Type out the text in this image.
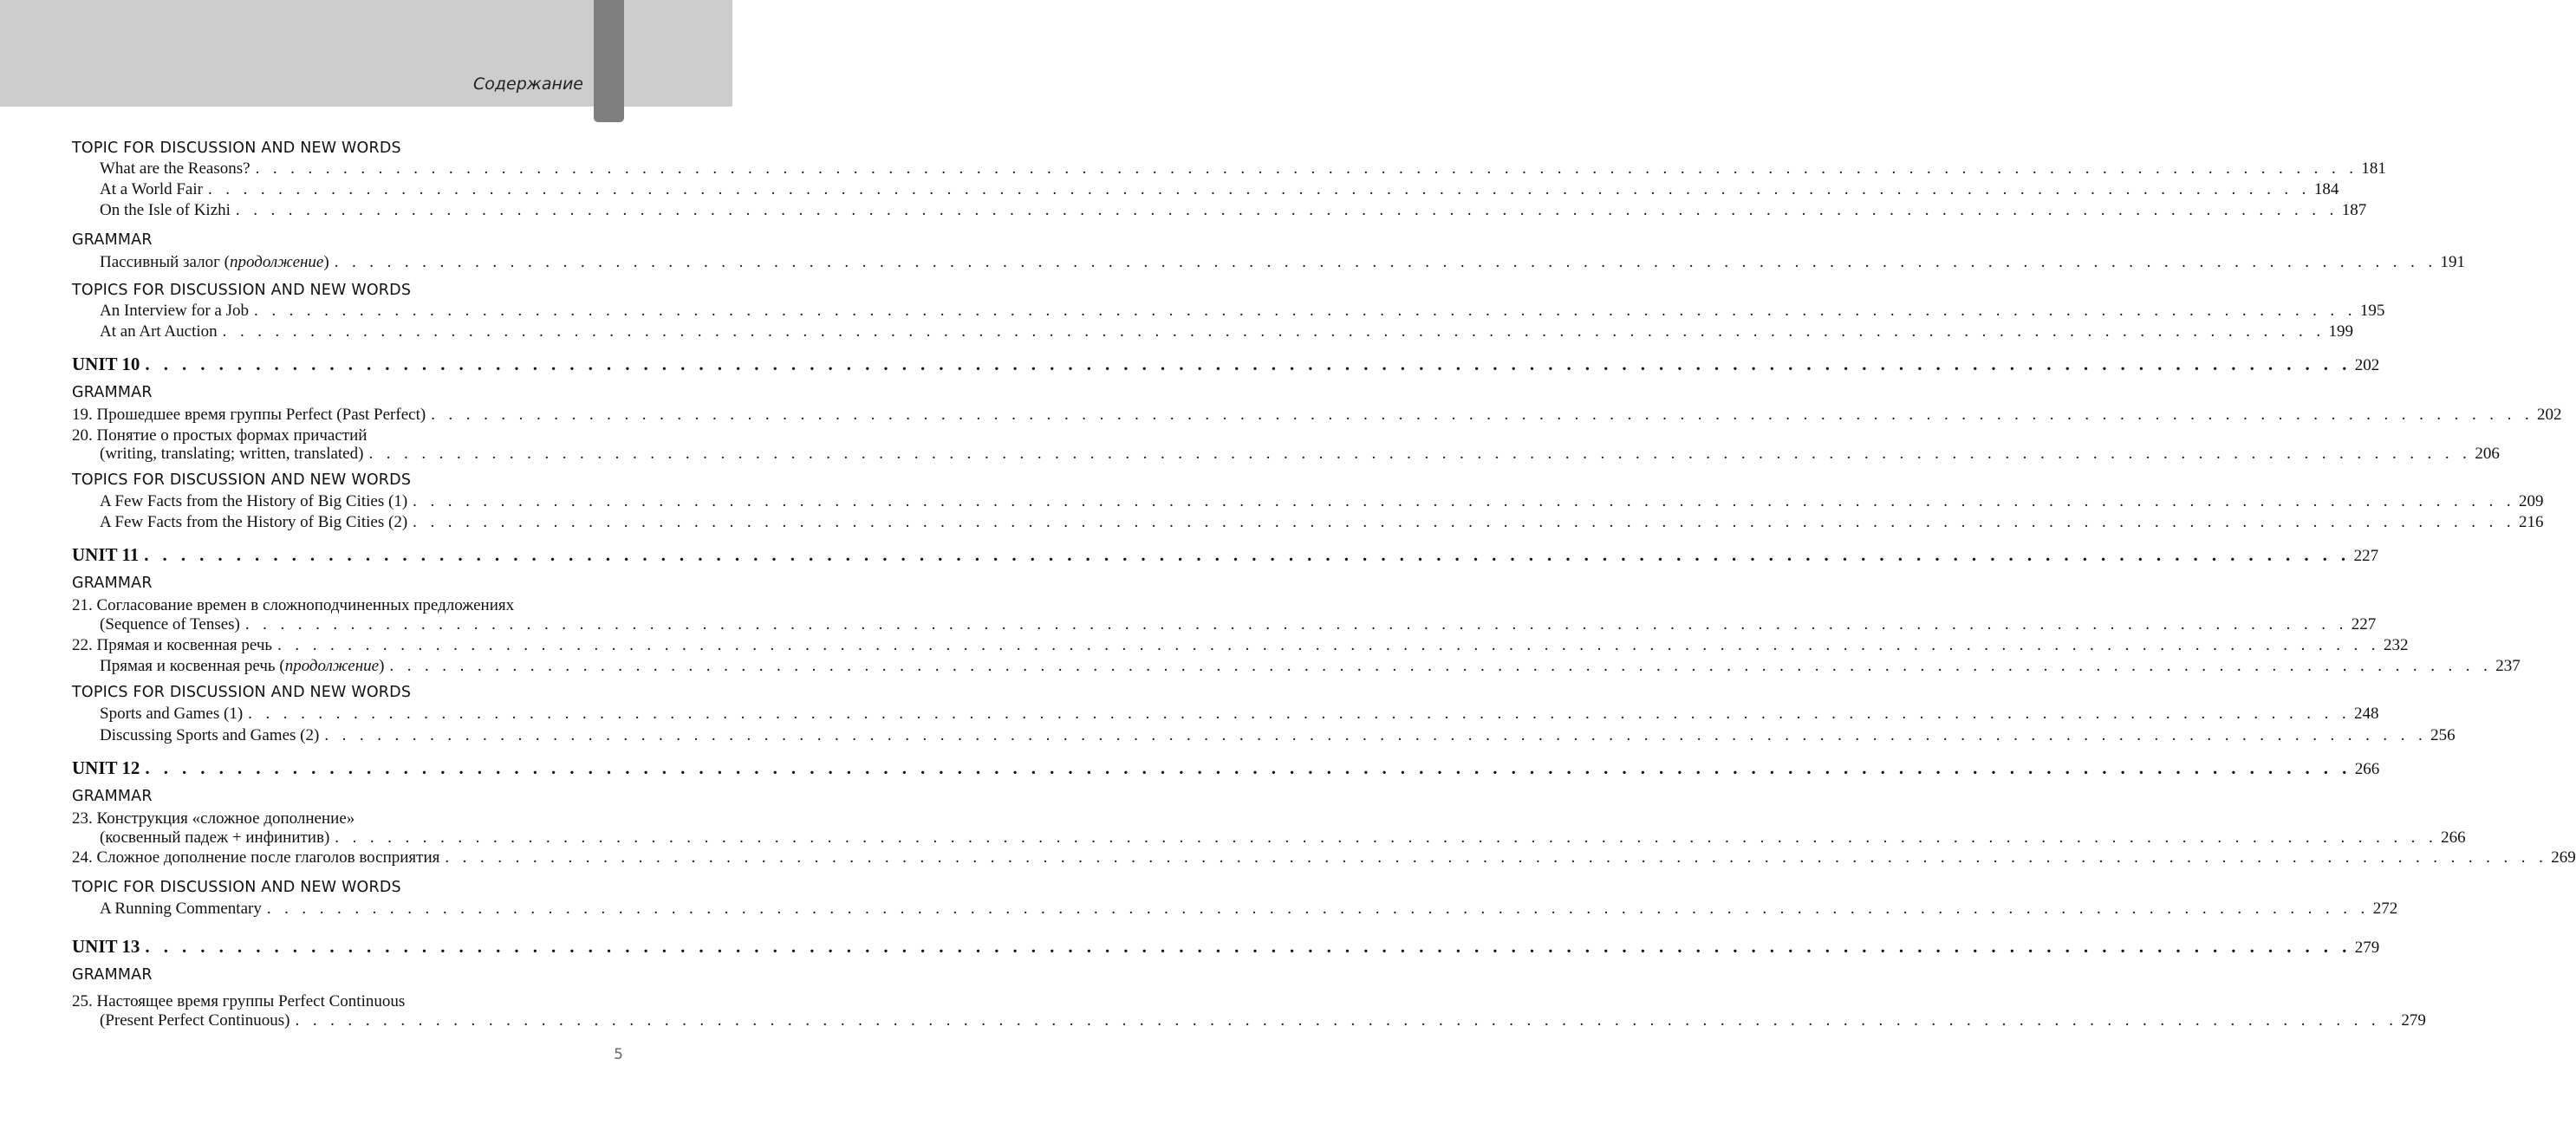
Содержание
TOPIC FOR DISCUSSION AND NEW WORDS
What are the Reasons? . . . . . . . . . . . . . . . . . . . . . . . . . . . . . . . . . . . . . . . . . . . . . . . . . . . . . . . . . . . . . . . . . . . . . . . . . . . . . . . . . . . . . . . . . . . . . . . . . . . . . . . . . . . . . . . . . . . . . . . . 181
At a World Fair . . . . . . . . . . . . . . . . . . . . . . . . . . . . . . . . . . . . . . . . . . . . . . . . . . . . . . . . . . . . . . . . . . . . . . . . . . . . . . . . . . . . . . . . . . . . . . . . . . . . . . . . . . . . . . . . . . . . . . . . 184
On the Isle of Kizhi . . . . . . . . . . . . . . . . . . . . . . . . . . . . . . . . . . . . . . . . . . . . . . . . . . . . . . . . . . . . . . . . . . . . . . . . . . . . . . . . . . . . . . . . . . . . . . . . . . . . . . . . . . . . . . . . . . . . . . . . 187
GRAMMAR
Пассивный залог (продолжение) . . . . . . . . . . . . . . . . . . . . . . . . . . . . . . . . . . . . . . . . . . . . . . . . . . . . . . . . . . . . . . . . . . . . . . . . . . . . . . . . . . . . . . . . . . . . . . . . . . . . . . . . . . . . . . . . . . . . . . . . 191
TOPICS FOR DISCUSSION AND NEW WORDS
An Interview for a Job . . . . . . . . . . . . . . . . . . . . . . . . . . . . . . . . . . . . . . . . . . . . . . . . . . . . . . . . . . . . . . . . . . . . . . . . . . . . . . . . . . . . . . . . . . . . . . . . . . . . . . . . . . . . . . . . . . . . . . . . 195
At an Art Auction . . . . . . . . . . . . . . . . . . . . . . . . . . . . . . . . . . . . . . . . . . . . . . . . . . . . . . . . . . . . . . . . . . . . . . . . . . . . . . . . . . . . . . . . . . . . . . . . . . . . . . . . . . . . . . . . . . . . . . . . 199
UNIT 10 . . . . . . . . . . . . . . . . . . . . . . . . . . . . . . . . . . . . . . . . . . . . . . . . . . . . . . . . . . . . . . . . . . . . . . . . . . . . . . . . . . . . . . . . . . . . . . . . . . . . . . . . . . . . . . . . . . . . . . . . 202
GRAMMAR
19. Прошедшее время группы Perfect (Past Perfect) . . . . . . . . . . . . . . . . . . . . . . . . . . . . . . . . . . . . . . . . . . . . . . . . . . . . . . . . . . . . . . . . . . . . . . . . . . . . . . . . . . . . . . . . . . . . . . . . . . . . . . . . . . . . . . . . . . . . . . . . 202
20. Понятие о простых формах причастий
(writing, translating; written, translated) . . . . . . . . . . . . . . . . . . . . . . . . . . . . . . . . . . . . . . . . . . . . . . . . . . . . . . . . . . . . . . . . . . . . . . . . . . . . . . . . . . . . . . . . . . . . . . . . . . . . . . . . . . . . . . . . . . . . . . . . 206
TOPICS FOR DISCUSSION AND NEW WORDS
A Few Facts from the History of Big Cities (1) . . . . . . . . . . . . . . . . . . . . . . . . . . . . . . . . . . . . . . . . . . . . . . . . . . . . . . . . . . . . . . . . . . . . . . . . . . . . . . . . . . . . . . . . . . . . . . . . . . . . . . . . . . . . . . . . . . . . . . . . 209
A Few Facts from the History of Big Cities (2) . . . . . . . . . . . . . . . . . . . . . . . . . . . . . . . . . . . . . . . . . . . . . . . . . . . . . . . . . . . . . . . . . . . . . . . . . . . . . . . . . . . . . . . . . . . . . . . . . . . . . . . . . . . . . . . . . . . . . . . . 216
UNIT 11 . . . . . . . . . . . . . . . . . . . . . . . . . . . . . . . . . . . . . . . . . . . . . . . . . . . . . . . . . . . . . . . . . . . . . . . . . . . . . . . . . . . . . . . . . . . . . . . . . . . . . . . . . . . . . . . . . . . . . . . . 227
GRAMMAR
21. Согласование времен в сложноподчиненных предложениях
(Sequence of Tenses) . . . . . . . . . . . . . . . . . . . . . . . . . . . . . . . . . . . . . . . . . . . . . . . . . . . . . . . . . . . . . . . . . . . . . . . . . . . . . . . . . . . . . . . . . . . . . . . . . . . . . . . . . . . . . . . . . . . . . . . . 227
22. Прямая и косвенная речь . . . . . . . . . . . . . . . . . . . . . . . . . . . . . . . . . . . . . . . . . . . . . . . . . . . . . . . . . . . . . . . . . . . . . . . . . . . . . . . . . . . . . . . . . . . . . . . . . . . . . . . . . . . . . . . . . . . . . . . . 232
Прямая и косвенная речь (продолжение) . . . . . . . . . . . . . . . . . . . . . . . . . . . . . . . . . . . . . . . . . . . . . . . . . . . . . . . . . . . . . . . . . . . . . . . . . . . . . . . . . . . . . . . . . . . . . . . . . . . . . . . . . . . . . . . . . . . . . . . . 237
TOPICS FOR DISCUSSION AND NEW WORDS
Sports and Games (1) . . . . . . . . . . . . . . . . . . . . . . . . . . . . . . . . . . . . . . . . . . . . . . . . . . . . . . . . . . . . . . . . . . . . . . . . . . . . . . . . . . . . . . . . . . . . . . . . . . . . . . . . . . . . . . . . . . . . . . . . 248
Discussing Sports and Games (2) . . . . . . . . . . . . . . . . . . . . . . . . . . . . . . . . . . . . . . . . . . . . . . . . . . . . . . . . . . . . . . . . . . . . . . . . . . . . . . . . . . . . . . . . . . . . . . . . . . . . . . . . . . . . . . . . . . . . . . . . 256
UNIT 12 . . . . . . . . . . . . . . . . . . . . . . . . . . . . . . . . . . . . . . . . . . . . . . . . . . . . . . . . . . . . . . . . . . . . . . . . . . . . . . . . . . . . . . . . . . . . . . . . . . . . . . . . . . . . . . . . . . . . . . . . 266
GRAMMAR
23. Конструкция «сложное дополнение»
(косвенный падеж + инфинитив) . . . . . . . . . . . . . . . . . . . . . . . . . . . . . . . . . . . . . . . . . . . . . . . . . . . . . . . . . . . . . . . . . . . . . . . . . . . . . . . . . . . . . . . . . . . . . . . . . . . . . . . . . . . . . . . . . . . . . . . . 266
24. Сложное дополнение после глаголов восприятия . . . . . . . . . . . . . . . . . . . . . . . . . . . . . . . . . . . . . . . . . . . . . . . . . . . . . . . . . . . . . . . . . . . . . . . . . . . . . . . . . . . . . . . . . . . . . . . . . . . . . . . . . . . . . . . . . . . . . . . . 269
TOPIC FOR DISCUSSION AND NEW WORDS
A Running Commentary . . . . . . . . . . . . . . . . . . . . . . . . . . . . . . . . . . . . . . . . . . . . . . . . . . . . . . . . . . . . . . . . . . . . . . . . . . . . . . . . . . . . . . . . . . . . . . . . . . . . . . . . . . . . . . . . . . . . . . . . 272
UNIT 13 . . . . . . . . . . . . . . . . . . . . . . . . . . . . . . . . . . . . . . . . . . . . . . . . . . . . . . . . . . . . . . . . . . . . . . . . . . . . . . . . . . . . . . . . . . . . . . . . . . . . . . . . . . . . . . . . . . . . . . . . 279
GRAMMAR
25. Настоящее время группы Perfect Continuous
(Present Perfect Continuous) . . . . . . . . . . . . . . . . . . . . . . . . . . . . . . . . . . . . . . . . . . . . . . . . . . . . . . . . . . . . . . . . . . . . . . . . . . . . . . . . . . . . . . . . . . . . . . . . . . . . . . . . . . . . . . . . . . . . . . . . 279
5
